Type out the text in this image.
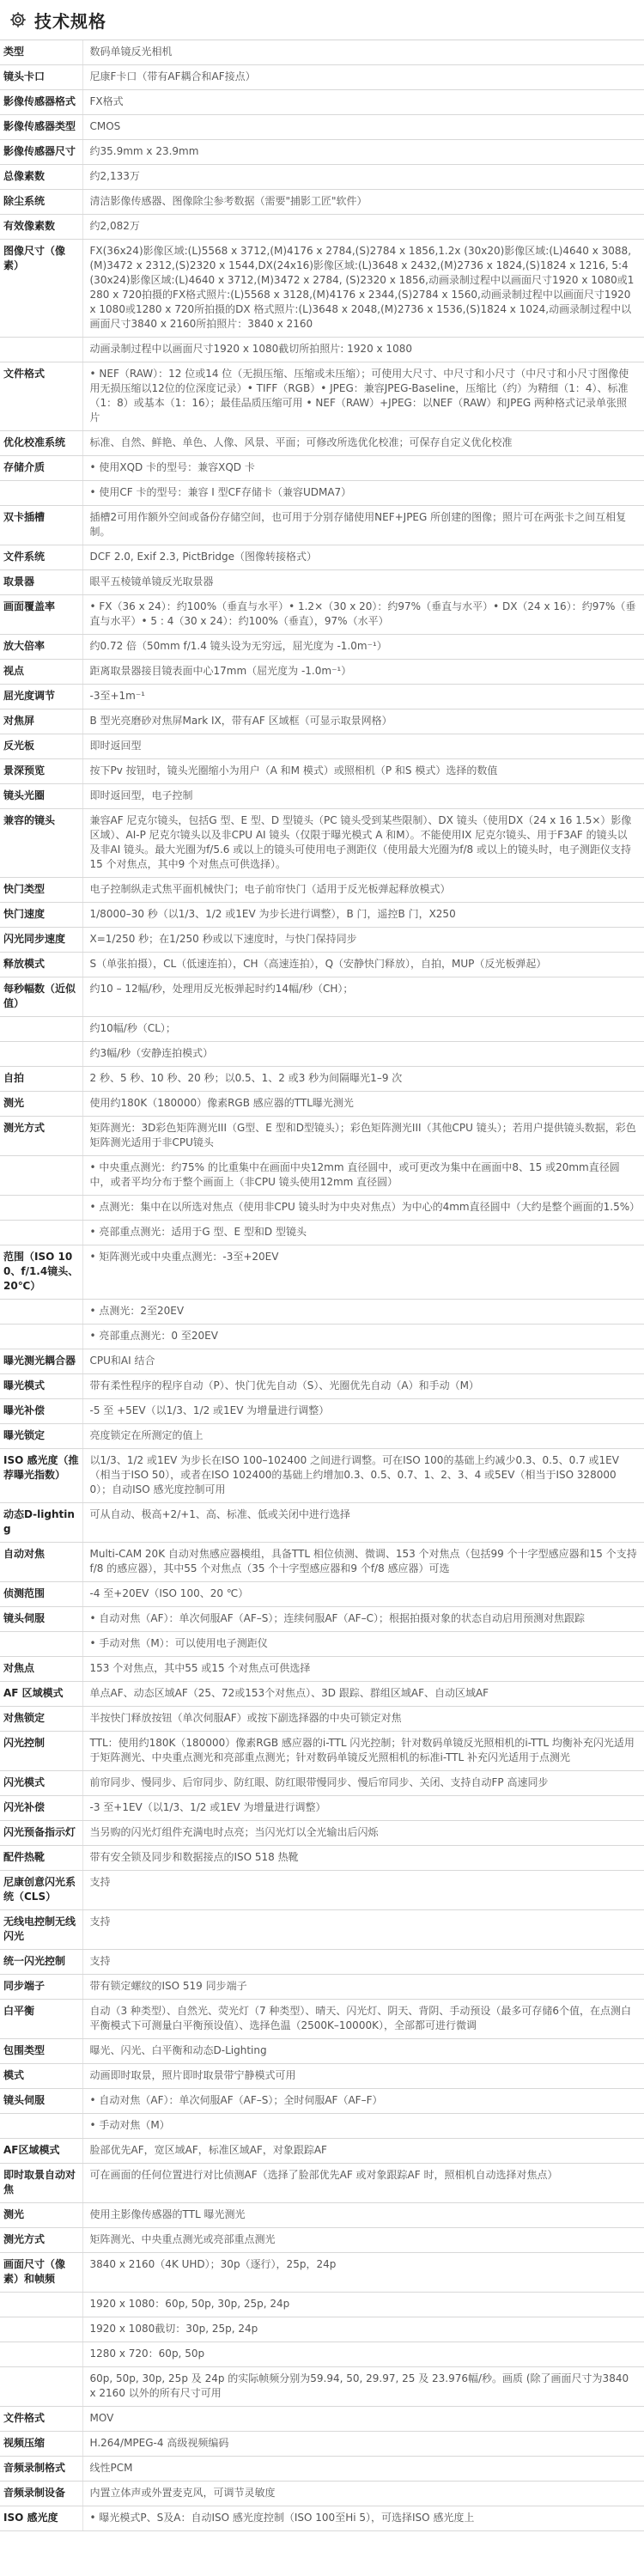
技术规格
类型	数码单镜反光相机
镜头卡口	尼康F卡口（带有AF耦合和AF接点）
影像传感器格式	FX格式
影像传感器类型	CMOS
影像传感器尺寸	约35.9mm x 23.9mm
总像素数	约2,133万
除尘系统	清洁影像传感器、图像除尘参考数据（需要"捕影工匠"软件）
有效像素数	约2,082万
图像尺寸（像素）	FX(36x24)影像区域:(L)5568 x 3712,(M)4176 x 2784,(S)2784 x 1856,1.2x (30x20)影像区域:(L)4640 x 3088,(M)3472 x 2312,(S)2320 x 1544,DX(24x16)影像区域:(L)3648 x 2432,(M)2736 x 1824,(S)1824 x 1216, 5:4(30x24)影像区域:(L)4640 x 3712,(M)3472 x 2784, (S)2320 x 1856,动画录制过程中以画面尺寸1920 x 1080或1280 x 720拍摄的FX格式照片:(L)5568 x 3128,(M)4176 x 2344,(S)2784 x 1560,动画录制过程中以画面尺寸1920 x 1080或1280 x 720所拍摄的DX 格式照片:(L)3648 x 2048,(M)2736 x 1536,(S)1824 x 1024,动画录制过程中以画面尺寸3840 x 2160所拍照片：3840 x 2160
	动画录制过程中以画面尺寸1920 x 1080截切所拍照片: 1920 x 1080
文件格式	• NEF（RAW）：12 位或14 位（无损压缩、压缩或未压缩）；可使用大尺寸、中尺寸和小尺寸（中尺寸和小尺寸图像使用无损压缩以12位的位深度记录）• TIFF（RGB）• JPEG：兼容JPEG-Baseline，压缩比（约）为精细（1：4）、标准（1：8）或基本（1：16）；最佳品质压缩可用 • NEF（RAW）+JPEG：以NEF（RAW）和JPEG 两种格式记录单张照片
优化校准系统	标准、自然、鲜艳、单色、人像、风景、平面；可修改所选优化校准；可保存自定义优化校准
存储介质	• 使用XQD 卡的型号：兼容XQD 卡
	• 使用CF 卡的型号：兼容 I 型CF存储卡（兼容UDMA7）
双卡插槽	插槽2可用作额外空间或备份存储空间，也可用于分别存储使用NEF+JPEG 所创建的图像；照片可在两张卡之间互相复制。
文件系统	DCF 2.0, Exif 2.3, PictBridge（图像转接格式）
取景器	眼平五棱镜单镜反光取景器
画面覆盖率	• FX（36 x 24）：约100%（垂直与水平）• 1.2×（30 x 20）：约97%（垂直与水平）• DX（24 x 16）：约97%（垂直与水平）• 5 : 4（30 x 24）：约100%（垂直），97%（水平）
放大倍率	约0.72 倍（50mm f/1.4 镜头设为无穷远，屈光度为 -1.0m⁻¹）
视点	距离取景器接目镜表面中心17mm（屈光度为 -1.0m⁻¹）
屈光度调节	-3至+1m⁻¹
对焦屏	B 型光亮磨砂对焦屏Mark IX，带有AF 区域框（可显示取景网格）
反光板	即时返回型
景深预览	按下Pv 按钮时，镜头光圈缩小为用户（A 和M 模式）或照相机（P 和S 模式）选择的数值
镜头光圈	即时返回型，电子控制
兼容的镜头	兼容AF 尼克尔镜头，包括G 型、E 型、D 型镜头（PC 镜头受到某些限制）、DX 镜头（使用DX（24 x 16 1.5×）影像区域）、AI-P 尼克尔镜头以及非CPU AI 镜头（仅限于曝光模式 A 和M）。不能使用IX 尼克尔镜头、用于F3AF 的镜头以及非AI 镜头。最大光圈为f/5.6 或以上的镜头可使用电子测距仪（使用最大光圈为f/8 或以上的镜头时，电子测距仪支持15 个对焦点，其中9 个对焦点可供选择）。
快门类型	电子控制纵走式焦平面机械快门；电子前帘快门（适用于反光板弹起释放模式）
快门速度	1/8000–30 秒（以1/3、1/2 或1EV 为步长进行调整），B 门，遥控B 门，X250
闪光同步速度	X=1/250 秒；在1/250 秒或以下速度时，与快门保持同步
释放模式	S（单张拍摄），CL（低速连拍），CH（高速连拍），Q（安静快门释放），自拍，MUP（反光板弹起）
每秒幅数（近似值）	约10 – 12幅/秒，处理用反光板弹起时约14幅/秒（CH）；
	约10幅/秒（CL）；
	约3幅/秒（安静连拍模式）
自拍	2 秒、5 秒、10 秒、20 秒；以0.5、1、2 或3 秒为间隔曝光1–9 次
测光	使用约180K（180000）像素RGB 感应器的TTL曝光测光
测光方式	矩阵测光：3D彩色矩阵测光III（G型、E 型和D型镜头）；彩色矩阵测光III（其他CPU 镜头）；若用户提供镜头数据，彩色矩阵测光适用于非CPU镜头
	• 中央重点测光：约75% 的比重集中在画面中央12mm 直径圆中，或可更改为集中在画面中8、15 或20mm直径圆中，或者平均分布于整个画面上（非CPU 镜头使用12mm 直径圆）
	• 点测光：集中在以所选对焦点（使用非CPU 镜头时为中央对焦点）为中心的4mm直径圆中（大约是整个画面的1.5%）
	• 亮部重点测光：适用于G 型、E 型和D 型镜头
范围（ISO 100、f/1.4镜头、20℃）	• 矩阵测光或中央重点测光：-3至+20EV
	• 点测光：2至20EV
	• 亮部重点测光：0 至20EV
曝光测光耦合器	CPU和AI 结合
曝光模式	带有柔性程序的程序自动（P）、快门优先自动（S）、光圈优先自动（A）和手动（M）
曝光补偿	-5 至 +5EV（以1/3、1/2 或1EV 为增量进行调整）
曝光锁定	亮度锁定在所测定的值上
ISO 感光度（推荐曝光指数）	以1/3、1/2 或1EV 为步长在ISO 100–102400 之间进行调整。可在ISO 100的基础上约减少0.3、0.5、0.7 或1EV（相当于ISO 50），或者在ISO 102400的基础上约增加0.3、0.5、0.7、1、2、3、4 或5EV（相当于ISO 3280000）；自动ISO 感光度控制可用
动态D-lighting	可从自动、极高+2/+1、高、标准、低或关闭中进行选择
自动对焦	Multi-CAM 20K 自动对焦感应器模组，具备TTL 相位侦测、微调、153 个对焦点（包括99 个十字型感应器和15 个支持f/8 的感应器），其中55 个对焦点（35 个十字型感应器和9 个f/8 感应器）可选
侦测范围	-4 至+20EV（ISO 100、20 ℃）
镜头伺服	• 自动对焦（AF）：单次伺服AF（AF–S）；连续伺服AF（AF–C）；根据拍摄对象的状态自动启用预测对焦跟踪
	• 手动对焦（M）：可以使用电子测距仪
对焦点	153 个对焦点，其中55 或15 个对焦点可供选择
AF 区域模式	单点AF、动态区域AF（25、72或153个对焦点）、3D 跟踪、群组区域AF、自动区域AF
对焦锁定	半按快门释放按钮（单次伺服AF）或按下副选择器的中央可锁定对焦
闪光控制	TTL：使用约180K（180000）像素RGB 感应器的i-TTL 闪光控制；针对数码单镜反光照相机的i-TTL 均衡补充闪光适用于矩阵测光、中央重点测光和亮部重点测光；针对数码单镜反光照相机的标准i-TTL 补充闪光适用于点测光
闪光模式	前帘同步、慢同步、后帘同步、防红眼、防红眼带慢同步、慢后帘同步、关闭、支持自动FP 高速同步
闪光补偿	-3 至+1EV（以1/3、1/2 或1EV 为增量进行调整）
闪光预备指示灯	当另购的闪光灯组件充满电时点亮；当闪光灯以全光输出后闪烁
配件热靴	带有安全锁及同步和数据接点的ISO 518 热靴
尼康创意闪光系统（CLS）	支持
无线电控制无线闪光	支持
统一闪光控制	支持
同步端子	带有锁定螺纹的ISO 519 同步端子
白平衡	自动（3 种类型）、自然光、荧光灯（7 种类型）、晴天、闪光灯、阴天、背阴、手动预设（最多可存储6个值，在点测白平衡模式下可测量白平衡预设值）、选择色温（2500K–10000K），全部都可进行微调
包围类型	曝光、闪光、白平衡和动态D-Lighting
模式	动画即时取景，照片即时取景带宁静模式可用
镜头伺服	• 自动对焦（AF）：单次伺服AF（AF–S）；全时伺服AF（AF–F）
	• 手动对焦（M）
AF区域模式	脸部优先AF，宽区域AF，标准区域AF，对象跟踪AF
即时取景自动对焦	可在画面的任何位置进行对比侦测AF（选择了脸部优先AF 或对象跟踪AF 时，照相机自动选择对焦点）
测光	使用主影像传感器的TTL 曝光测光
测光方式	矩阵测光、中央重点测光或亮部重点测光
画面尺寸（像素）和帧频	3840 x 2160（4K UHD）；30p（逐行），25p，24p
	1920 x 1080：60p, 50p, 30p, 25p, 24p
	1920 x 1080截切：30p, 25p, 24p
	1280 x 720：60p, 50p
	60p, 50p, 30p, 25p 及 24p 的实际帧频分别为59.94, 50, 29.97, 25 及 23.976幅/秒。画质 (除了画面尺寸为3840 x 2160 以外的所有尺寸可用
文件格式	MOV
视频压缩	H.264/MPEG-4 高级视频编码
音频录制格式	线性PCM
音频录制设备	内置立体声或外置麦克风，可调节灵敏度
ISO 感光度	• 曝光模式P、S及A：自动ISO 感光度控制（ISO 100至Hi 5），可选择ISO 感光度上
